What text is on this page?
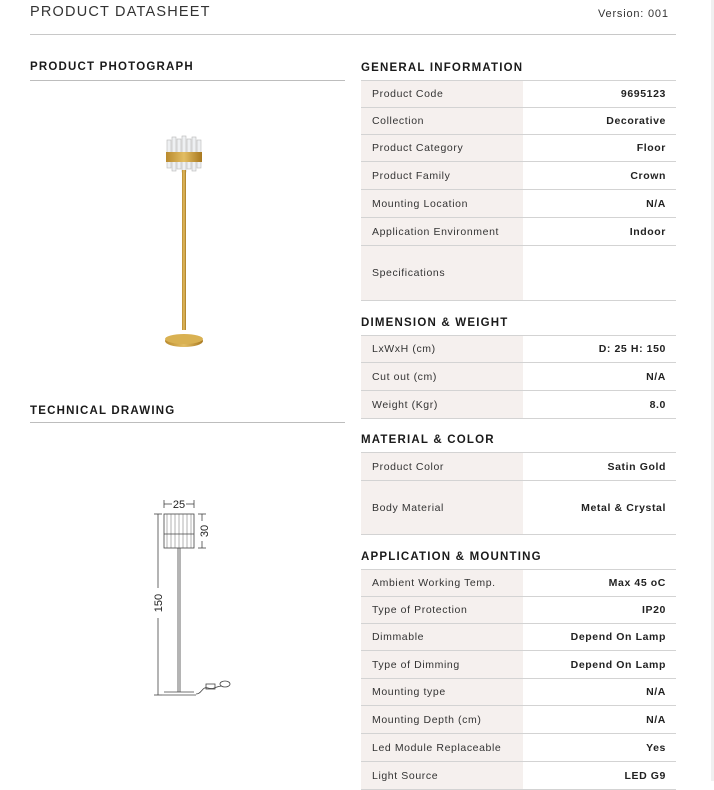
PRODUCT DATASHEET	Version: 001
PRODUCT PHOTOGRAPH
TECHNICAL DRAWING
25
30
150
GENERAL INFORMATION
Product Code	9695123
Collection	Decorative
Product Category	Floor
Product Family	Crown
Mounting Location	N/A
Application Environment	Indoor
Specifications
DIMENSION & WEIGHT
LxWxH (cm)	D: 25 H: 150
Cut out (cm)	N/A
Weight (Kgr)	8.0
MATERIAL & COLOR
Product Color	Satin Gold
Body Material	Metal & Crystal
APPLICATION & MOUNTING
Ambient Working Temp.	Max 45 oC
Type of Protection	IP20
Dimmable	Depend On Lamp
Type of Dimming	Depend On Lamp
Mounting type	N/A
Mounting Depth (cm)	N/A
Led Module Replaceable	Yes
Light Source	LED G9
